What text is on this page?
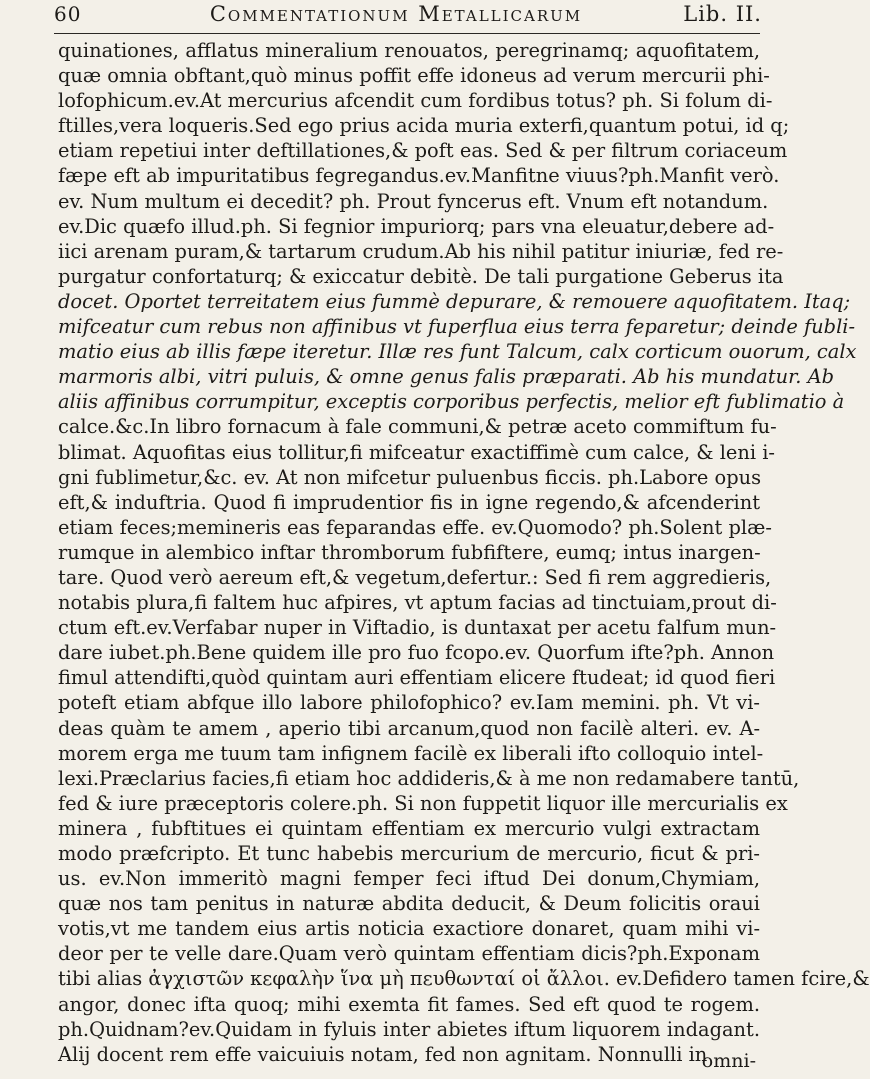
60	Commentationum Metallicarum	Lib. II.
quinationes, afflatus mineralium renouatos, peregrinamq; aquofitatem,
quæ omnia obftant,quò minus poffit effe idoneus ad verum mercurii phi-
lofophicum.ev.At mercurius afcendit cum fordibus totus? ph. Si folum di-
ftilles,vera loqueris.Sed ego prius acida muria exterfi,quantum potui, id q;
etiam repetiui inter deftillationes,& poft eas. Sed & per filtrum coriaceum
fæpe eft ab impuritatibus fegregandus.ev.Manfitne viuus?ph.Manfit verò.
ev. Num multum ei decedit? ph. Prout fyncerus eft. Vnum eft notandum.
ev.Dic quæfo illud.ph. Si fegnior impuriorq; pars vna eleuatur,debere ad-
iici arenam puram,& tartarum crudum.Ab his nihil patitur iniuriæ, fed re-
purgatur confortaturq; & exiccatur debitè. De tali purgatione Geberus ita
docet. Oportet terreitatem eius fummè depurare, & remouere aquofitatem. Itaq;
mifceatur cum rebus non affinibus vt fuperflua eius terra feparetur; deinde fubli-
matio eius ab illis fæpe iteretur. Illæ res funt Talcum, calx corticum ouorum, calx
marmoris albi, vitri puluis, & omne genus falis præparati. Ab his mundatur. Ab
aliis affinibus corrumpitur, exceptis corporibus perfectis, melior eft fublimatio à
calce.&c.In libro fornacum à fale communi,& petræ aceto commiftum fu-
blimat. Aquofitas eius tollitur,fi mifceatur exactiffimè cum calce, & leni i-
gni fublimetur,&c. ev. At non mifcetur puluenbus ficcis. ph.Labore opus
eft,& induftria. Quod fi imprudentior fis in igne regendo,& afcenderint
etiam feces;memineris eas feparandas effe. ev.Quomodo? ph.Solent plæ-
rumque in alembico inftar thromborum fubfiftere, eumq; intus inargen-
tare. Quod verò aereum eft,& vegetum,defertur.: Sed fi rem aggredieris,
notabis plura,fi faltem huc afpires, vt aptum facias ad tinctuiam,prout di-
ctum eft.ev.Verfabar nuper in Viftadio, is duntaxat per acetu falfum mun-
dare iubet.ph.Bene quidem ille pro fuo fcopo.ev. Quorfum ifte?ph. Annon
fimul attendifti,quòd quintam auri effentiam elicere ftudeat; id quod fieri
poteft etiam abfque illo labore philofophico? ev.Iam memini. ph. Vt vi-
deas quàm te amem , aperio tibi arcanum,quod non facilè alteri. ev. A-
morem erga me tuum tam infignem facilè ex liberali ifto colloquio intel-
lexi.Præclarius facies,fi etiam hoc addideris,& à me non redamabere tantū,
fed & iure præceptoris colere.ph. Si non fuppetit liquor ille mercurialis ex
minera , fubftitues ei quintam effentiam ex mercurio vulgi extractam
modo præfcripto. Et tunc habebis mercurium de mercurio, ficut & pri-
us. ev.Non immeritò magni femper feci iftud Dei donum,Chymiam,
quæ nos tam penitus in naturæ abdita deducit, & Deum folicitis oraui
votis,vt me tandem eius artis noticia exactiore donaret, quam mihi vi-
deor per te velle dare.Quam verò quintam effentiam dicis?ph.Exponam
tibi alias ἀγχιστῶν κεφαλὴν ἵνα μὴ πευθωνταί οἱ ἄλλοι. ev.Defidero tamen fcire,&
angor, donec ifta quoq; mihi exemta fit fames. Sed eft quod te rogem.
ph.Quidnam?ev.Quidam in fyluis inter abietes iftum liquorem indagant.
Alij docent rem effe vaicuiuis notam, fed non agnitam. Nonnulli in
omni-
